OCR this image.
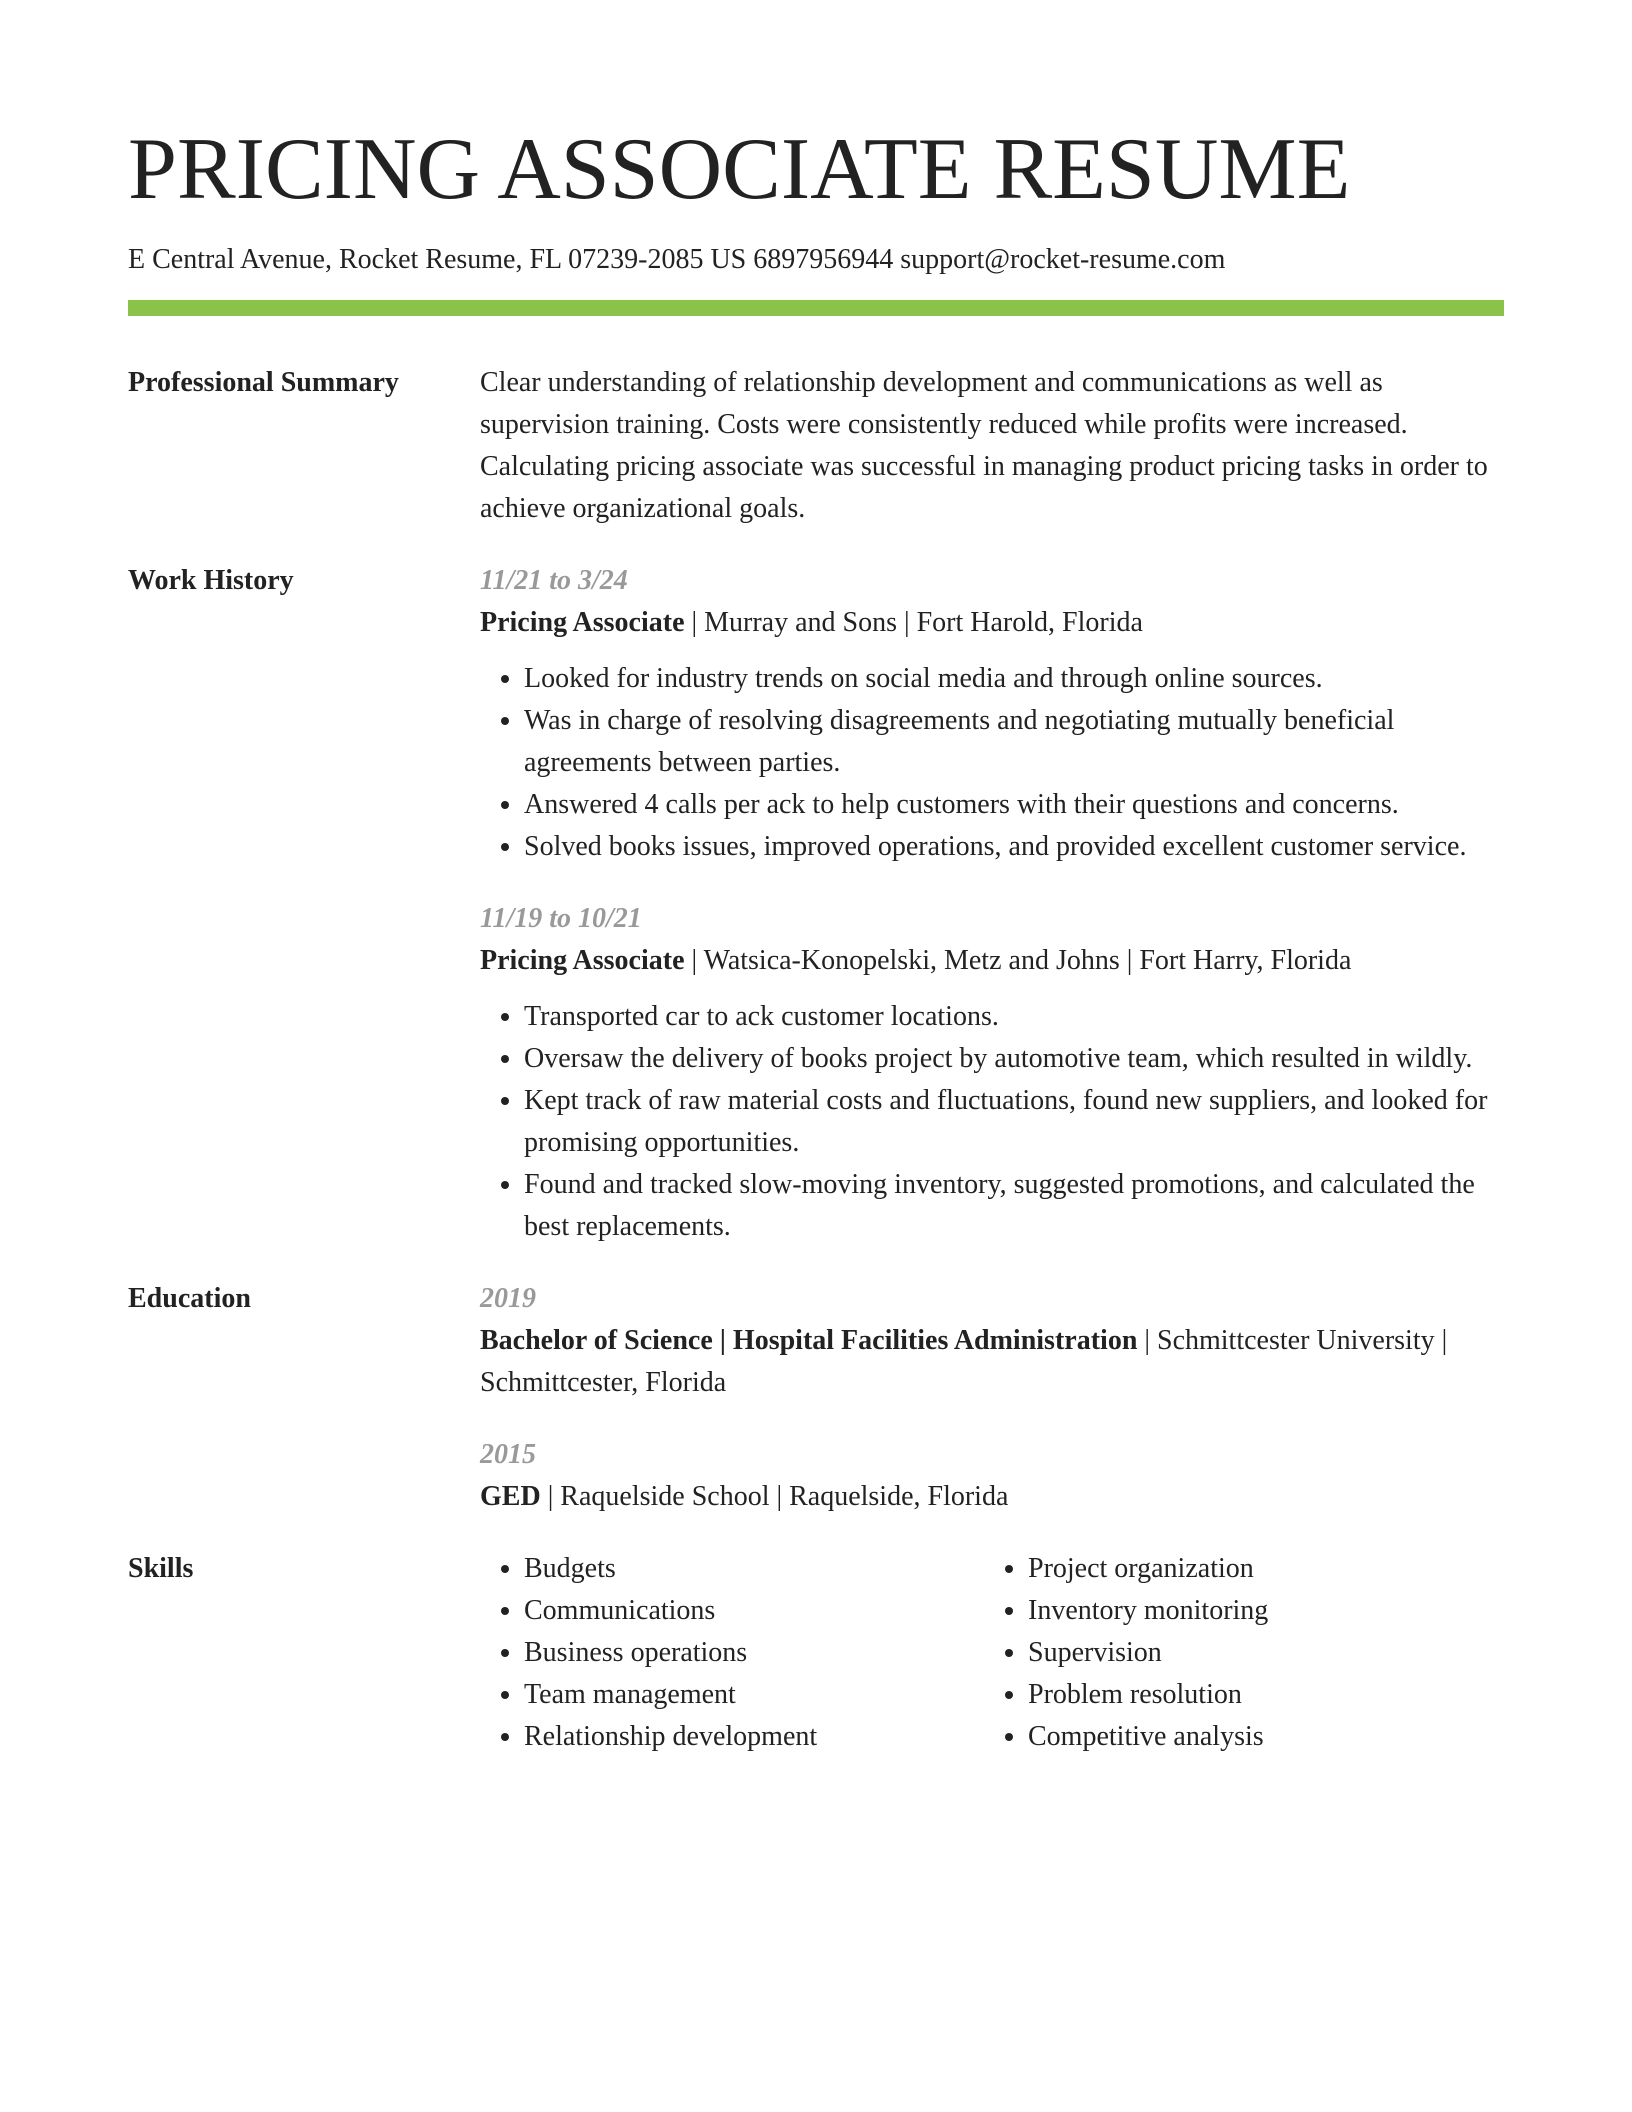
PRICING ASSOCIATE RESUME
E Central Avenue, Rocket Resume, FL 07239-2085 US 6897956944 support@rocket-resume.com
Professional Summary	Clear understanding of relationship development and communications as well as supervision training. Costs were consistently reduced while profits were increased. Calculating pricing associate was successful in managing product pricing tasks in order to achieve organizational goals.

Work History	11/21 to 3/24
Pricing Associate | Murray and Sons | Fort Harold, Florida
• Looked for industry trends on social media and through online sources.
• Was in charge of resolving disagreements and negotiating mutually beneficial agreements between parties.
• Answered 4 calls per ack to help customers with their questions and concerns.
• Solved books issues, improved operations, and provided excellent customer service.
11/19 to 10/21
Pricing Associate | Watsica-Konopelski, Metz and Johns | Fort Harry, Florida
• Transported car to ack customer locations.
• Oversaw the delivery of books project by automotive team, which resulted in wildly.
• Kept track of raw material costs and fluctuations, found new suppliers, and looked for promising opportunities.
• Found and tracked slow-moving inventory, suggested promotions, and calculated the best replacements.
Education	2019
Bachelor of Science | Hospital Facilities Administration | Schmittcester University | Schmittcester, Florida
2015
GED | Raquelside School | Raquelside, Florida
Skills
•	Budgets
• Communications
• Business operations
• Team management
• Relationship development
• Project organization
• Inventory monitoring
• Supervision
• Problem resolution
• Competitive analysis
